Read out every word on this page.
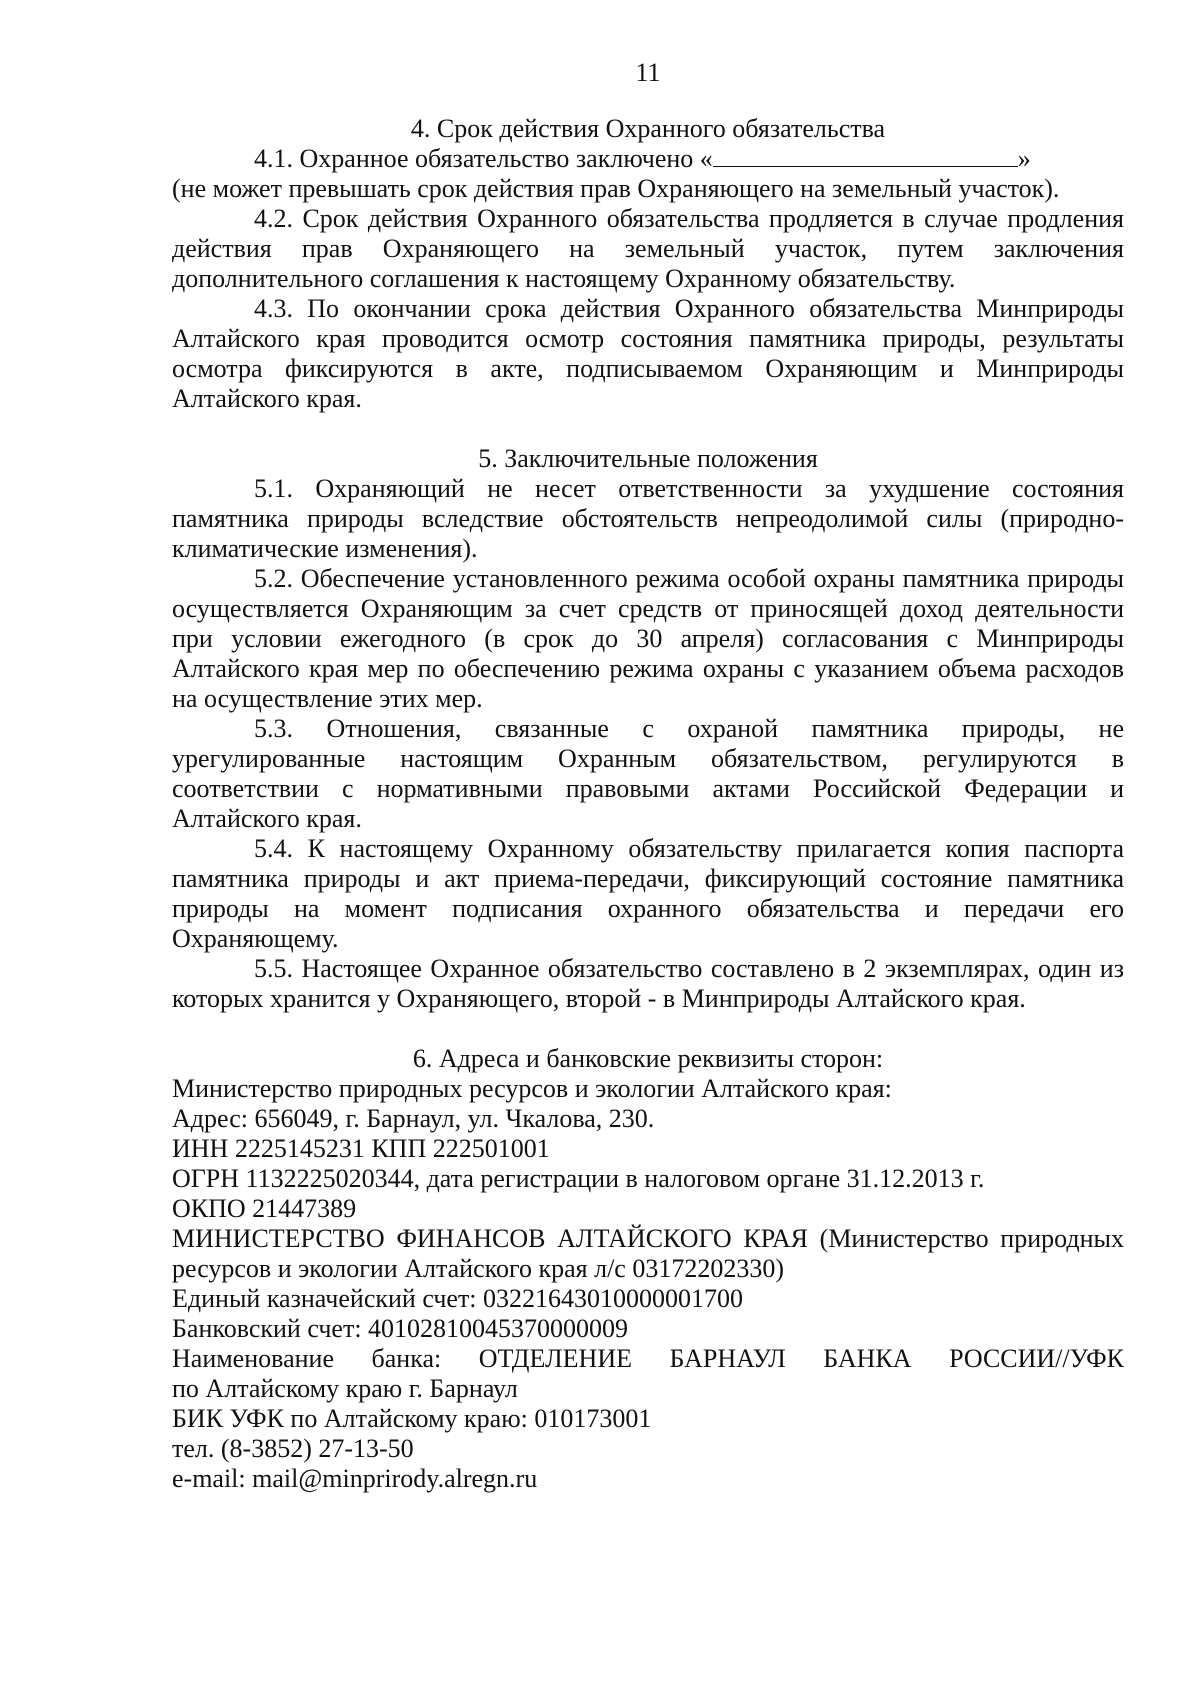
11

4. Срок действия Охранного обязательства

4.1. Охранное обязательство заключено «	»

(не может превышать срок действия прав Охраняющего на земельный участок).

4.2. Срок действия Охранного обязательства продляется в случае продления действия прав Охраняющего на земельный участок, путем заключения дополнительного соглашения к настоящему Охранному обязательству.

4.3. По окончании срока действия Охранного обязательства Минприроды Алтайского края проводится осмотр состояния памятника природы, результаты осмотра фиксируются в акте, подписываемом Охраняющим и Минприроды Алтайского края.

5. Заключительные положения

5.1. Охраняющий не несет ответственности за ухудшение состояния памятника природы вследствие обстоятельств непреодолимой силы (природно-климатические изменения).

5.2. Обеспечение установленного режима особой охраны памятника природы осуществляется Охраняющим за счет средств от приносящей доход деятельности при условии ежегодного (в срок до 30 апреля) согласования с Минприроды Алтайского края мер по обеспечению режима охраны с указанием объема расходов на осуществление этих мер.

5.3. Отношения, связанные с охраной памятника природы, не урегулированные настоящим Охранным обязательством, регулируются в соответствии с нормативными правовыми актами Российской Федерации и Алтайского края.

5.4. К настоящему Охранному обязательству прилагается копия паспорта памятника природы и акт приема-передачи, фиксирующий состояние памятника природы на момент подписания охранного обязательства и передачи его Охраняющему.

5.5. Настоящее Охранное обязательство составлено в 2 экземплярах, один из которых хранится у Охраняющего, второй - в Минприроды Алтайского края.

6. Адреса и банковские реквизиты сторон:

Министерство природных ресурсов и экологии Алтайского края:

Адрес: 656049, г. Барнаул, ул. Чкалова, 230.

ИНН 2225145231 КПП 222501001

ОГРН 1132225020344, дата регистрации в налоговом органе 31.12.2013 г.

ОКПО 21447389

МИНИСТЕРСТВО ФИНАНСОВ АЛТАЙСКОГО КРАЯ (Министерство природных

ресурсов и экологии Алтайского края л/с 03172202330)

Единый казначейский счет: 03221643010000001700

Банковский счет: 40102810045370000009

Наименование банка: ОТДЕЛЕНИЕ БАРНАУЛ БАНКА РОССИИ//УФК

по Алтайскому краю г. Барнаул

БИК УФК по Алтайскому краю: 010173001

тел. (8-3852) 27-13-50

e-mail: mail@minprirody.alregn.ru
